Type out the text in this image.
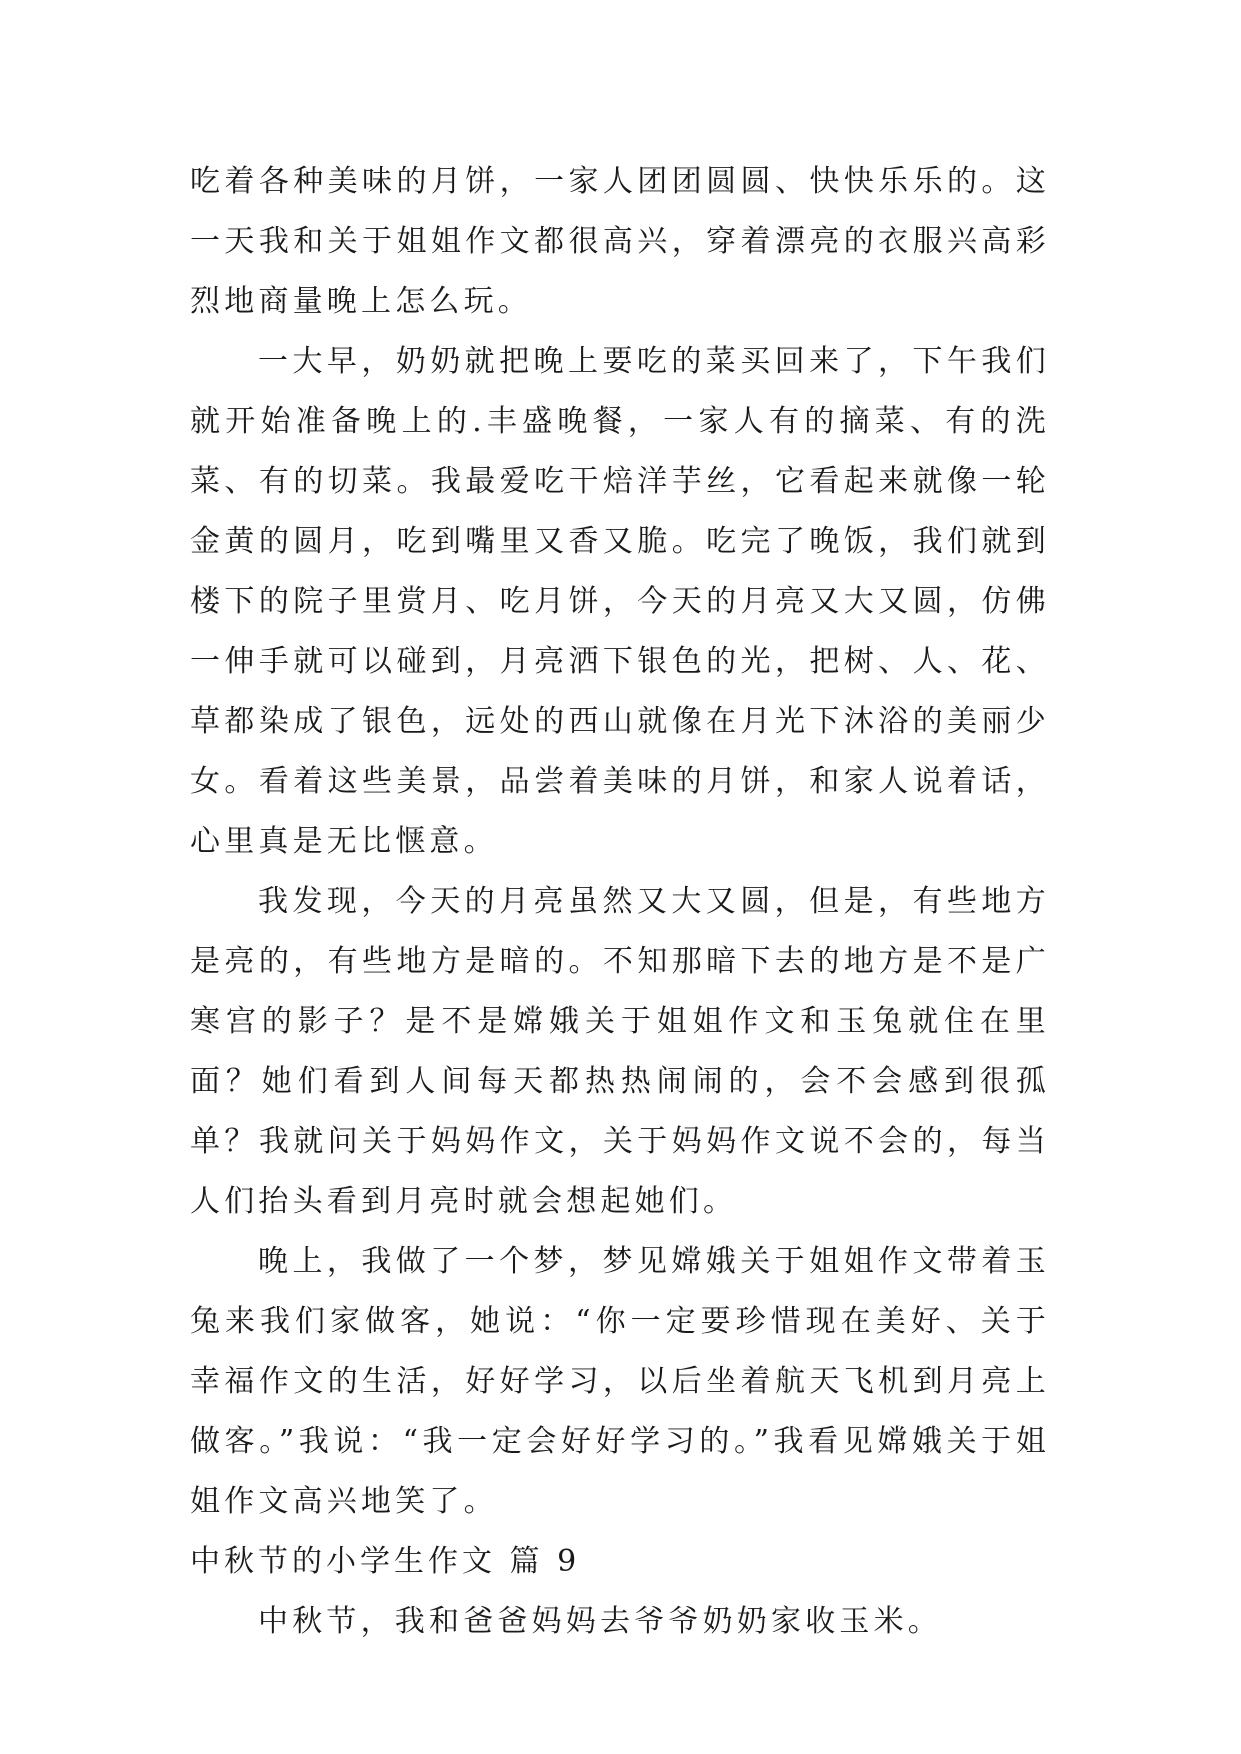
吃着各种美味的月饼，一家人团团圆圆、快快乐乐的。这一天我和关于姐姐作文都很高兴，穿着漂亮的衣服兴高彩烈地商量晚上怎么玩。

一大早，奶奶就把晚上要吃的菜买回来了，下午我们就开始准备晚上的.丰盛晚餐，一家人有的摘菜、有的洗菜、有的切菜。我最爱吃干焙洋芋丝，它看起来就像一轮金黄的圆月，吃到嘴里又香又脆。吃完了晚饭，我们就到楼下的院子里赏月、吃月饼，今天的月亮又大又圆，仿佛一伸手就可以碰到，月亮洒下银色的光，把树、人、花、草都染成了银色，远处的西山就像在月光下沐浴的美丽少女。看着这些美景，品尝着美味的月饼，和家人说着话，心里真是无比惬意。

我发现，今天的月亮虽然又大又圆，但是，有些地方是亮的，有些地方是暗的。不知那暗下去的地方是不是广寒宫的影子？是不是嫦娥关于姐姐作文和玉兔就住在里面？她们看到人间每天都热热闹闹的，会不会感到很孤单？我就问关于妈妈作文，关于妈妈作文说不会的，每当人们抬头看到月亮时就会想起她们。

晚上，我做了一个梦，梦见嫦娥关于姐姐作文带着玉兔来我们家做客，她说：“你一定要珍惜现在美好、关于幸福作文的生活，好好学习，以后坐着航天飞机到月亮上做客。”我说：“我一定会好好学习的。”我看见嫦娥关于姐姐作文高兴地笑了。

中秋节的小学生作文 篇 9

中秋节，我和爸爸妈妈去爷爷奶奶家收玉米。
